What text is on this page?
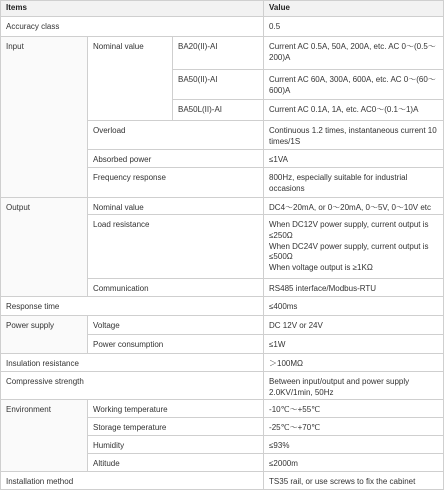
Items			Value
Accuracy class			0.5
Input	Nominal value	BA20(II)-AI	Current AC 0.5A, 50A, 200A, etc. AC 0～(0.5～200)A
		BA50(II)-AI	Current AC 60A, 300A, 600A, etc. AC 0～(60～600)A
		BA50L(II)-AI	Current AC 0.1A, 1A, etc. AC0～(0.1～1)A
	Overload		Continuous 1.2 times, instantaneous current 10 times/1S
	Absorbed power		≤1VA
	Frequency response		800Hz, especially suitable for industrial occasions
Output	Nominal value		DC4～20mA, or 0～20mA, 0～5V, 0～10V etc
	Load resistance		When DC12V power supply, current output is ≤250Ω
When DC24V power supply, current output is ≤500Ω
When voltage output is ≥1KΩ

	Communication		RS485 interface/Modbus-RTU
Response time			≤400ms
Power supply	Voltage		DC 12V or 24V
	Power consumption		≤1W
Insulation resistance			＞100MΩ
Compressive strength			Between input/output and power supply 2.0KV/1min, 50Hz
Environment	Working temperature		-10℃～+55℃
	Storage temperature		-25℃～+70℃
	Humidity		≤93%
	Altitude		≤2000m
Installation method			TS35 rail, or use screws to fix the cabinet
